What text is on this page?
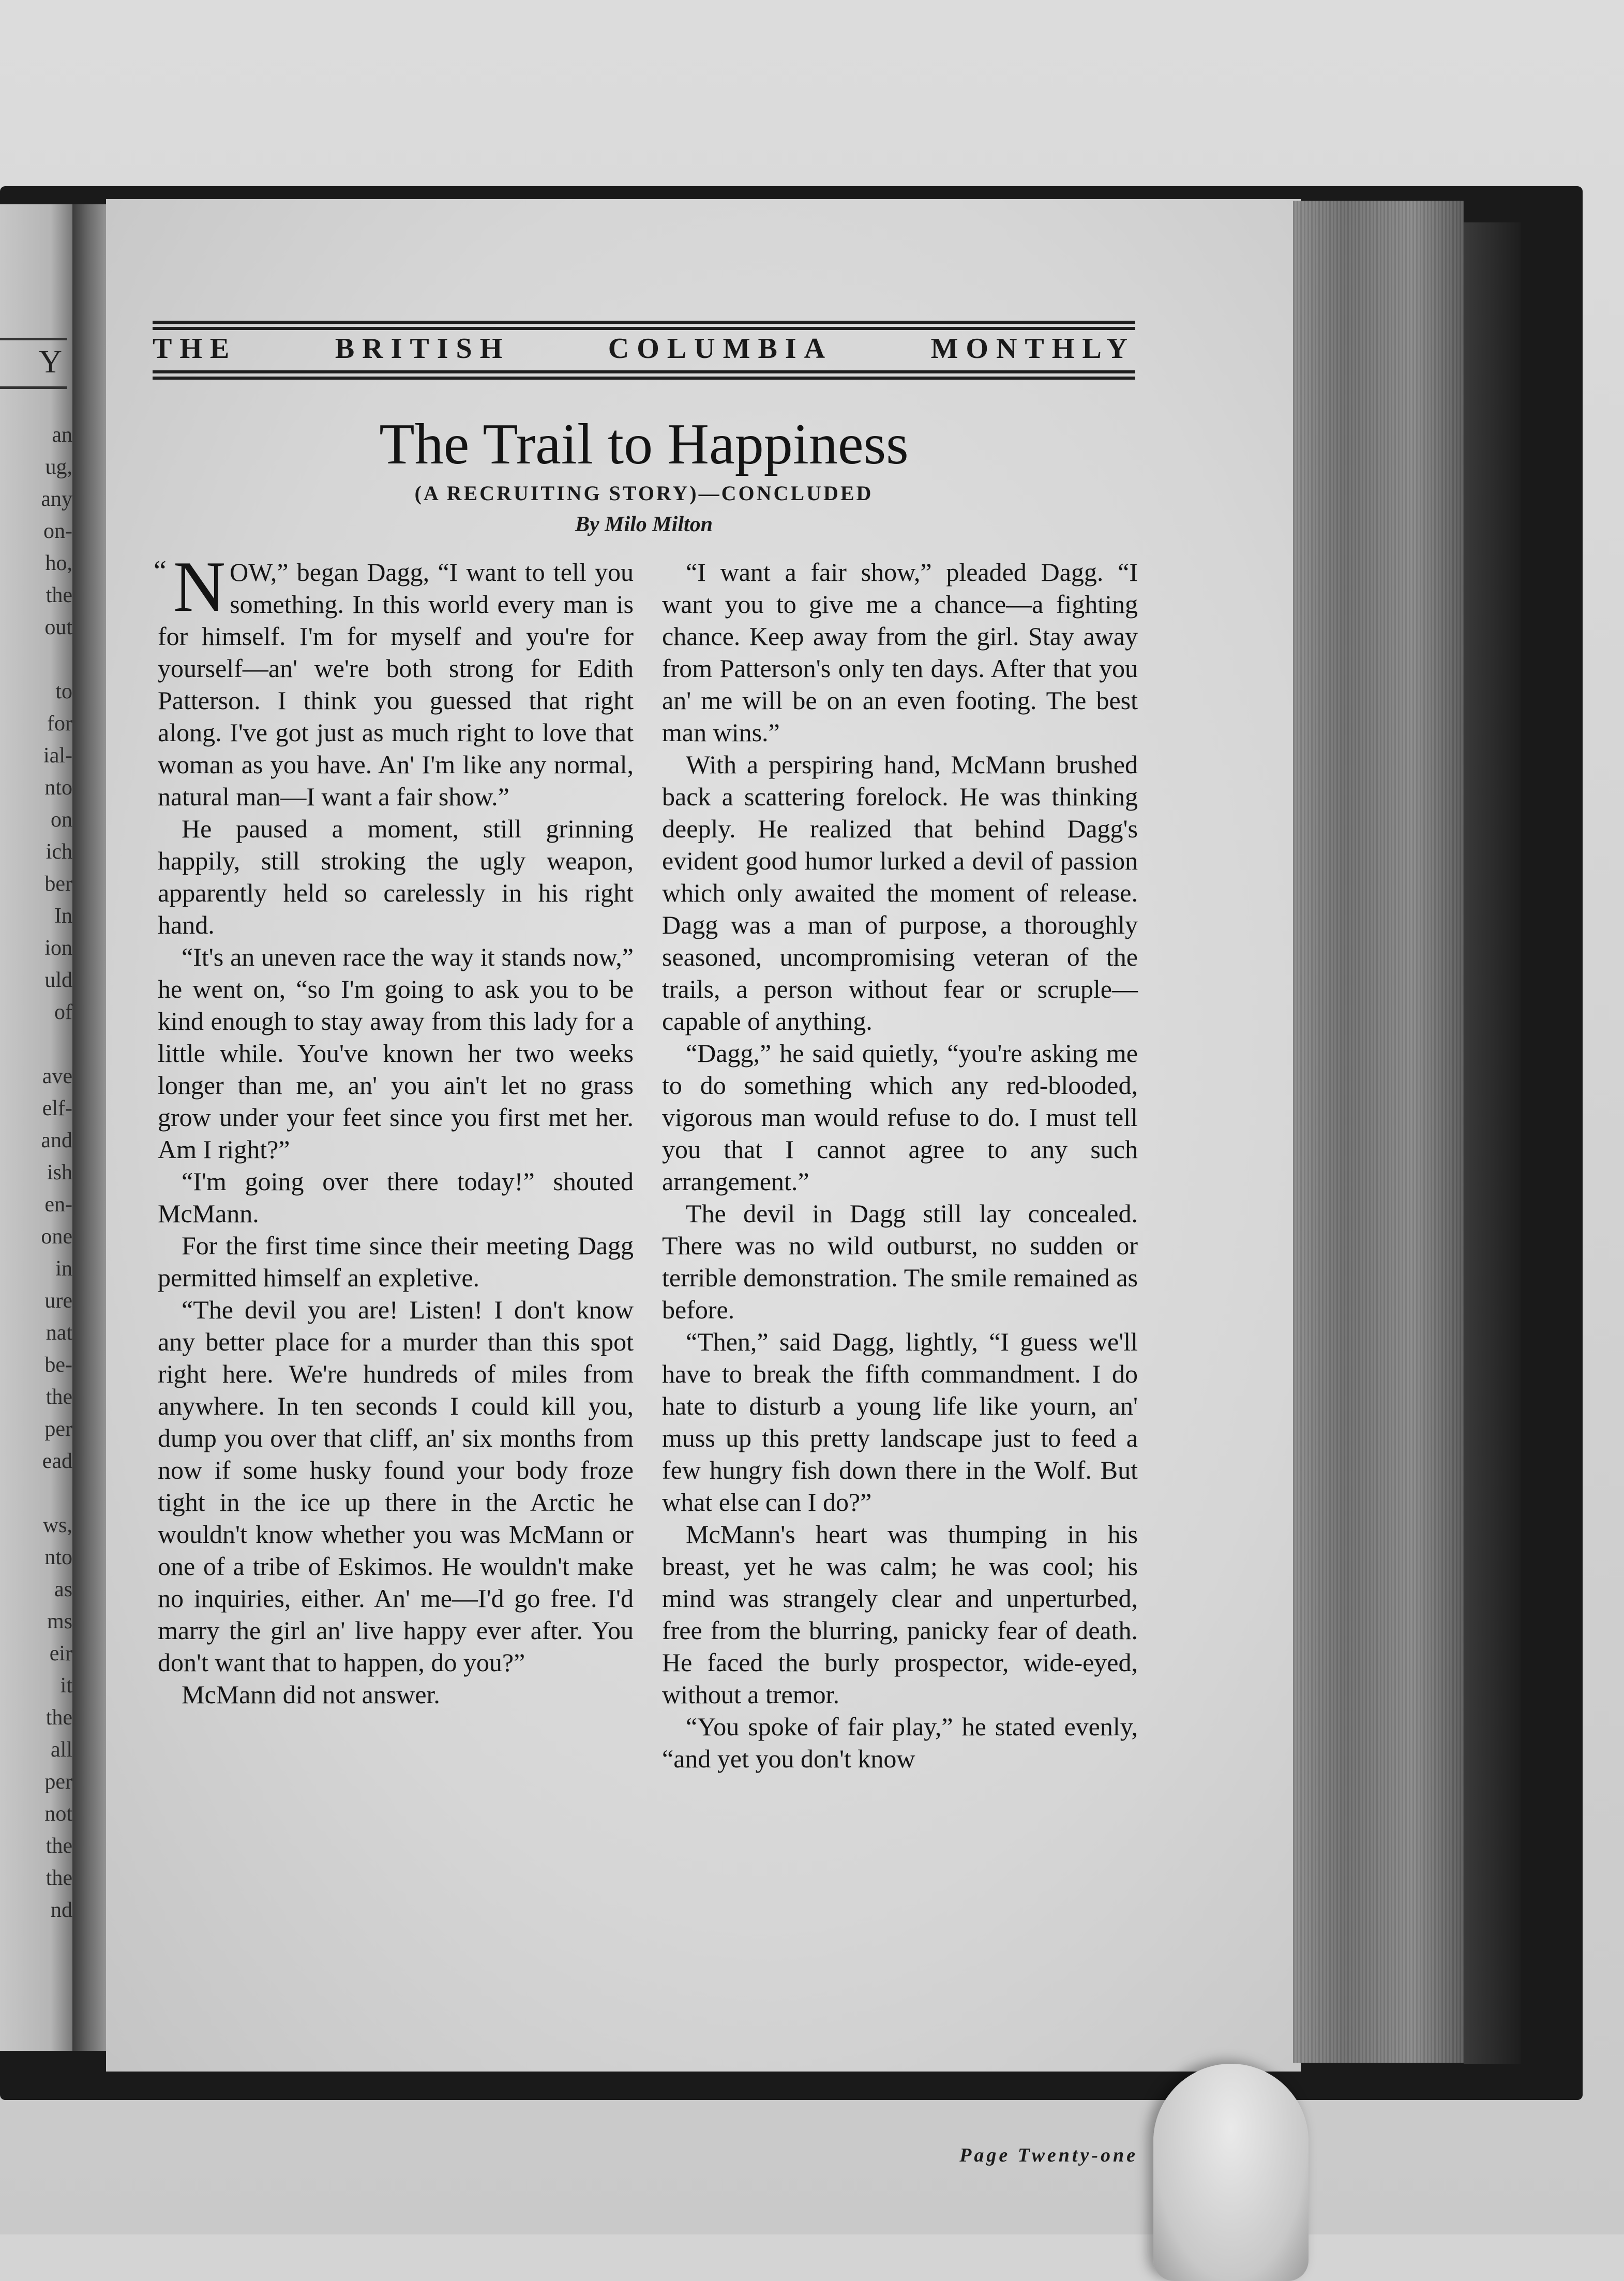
Y
an
ug,
any
on-
ho,
the
out
to
for
ial-
nto
on
ich
ber
In
ion
uld
of
ave
elf-
and
ish
en-
one
in
ure
nat
be-
the
per
ead
ws,
nto
as
ms
eir
it
the
all
per
not
the
the
nd
THE	BRITISH	COLUMBIA	MONTHLY
The Trail to Happiness
(A RECRUITING STORY)—CONCLUDED
By Milo Milton

“ N OW,” began Dagg, “I want to tell you something. In this world every man is for himself. I'm for myself and you're for yourself—an' we're both strong for Edith Patterson. I think you guessed that right along. I've got just as much right to love that woman as you have. An' I'm like any normal, natural man—I want a fair show.”

He paused a moment, still grinning happily, still stroking the ugly weapon, apparently held so carelessly in his right hand.

“It's an uneven race the way it stands now,” he went on, “so I'm going to ask you to be kind enough to stay away from this lady for a little while. You've known her two weeks longer than me, an' you ain't let no grass grow under your feet since you first met her. Am I right?”

“I'm going over there today!” shouted McMann.

For the first time since their meeting Dagg permitted himself an expletive.

“The devil you are! Listen! I don't know any better place for a murder than this spot right here. We're hundreds of miles from anywhere. In ten seconds I could kill you, dump you over that cliff, an' six months from now if some husky found your body froze tight in the ice up there in the Arctic he wouldn't know whether you was McMann or one of a tribe of Eskimos. He wouldn't make no inquiries, either. An' me—I'd go free. I'd marry the girl an' live happy ever after. You don't want that to happen, do you?”

McMann did not answer.

“I want a fair show,” pleaded Dagg. “I want you to give me a chance—a fighting chance. Keep away from the girl. Stay away from Patterson's only ten days. After that you an' me will be on an even footing. The best man wins.”

With a perspiring hand, McMann brushed back a scattering forelock. He was thinking deeply. He realized that behind Dagg's evident good humor lurked a devil of passion which only awaited the moment of release. Dagg was a man of purpose, a thoroughly seasoned, uncompromising veteran of the trails, a person without fear or scruple—capable of anything.

“Dagg,” he said quietly, “you're asking me to do something which any red-blooded, vigorous man would refuse to do. I must tell you that I cannot agree to any such arrangement.”

The devil in Dagg still lay concealed. There was no wild outburst, no sudden or terrible demonstration. The smile remained as before.

“Then,” said Dagg, lightly, “I guess we'll have to break the fifth commandment. I do hate to disturb a young life like yourn, an' muss up this pretty landscape just to feed a few hungry fish down there in the Wolf. But what else can I do?”

McMann's heart was thumping in his breast, yet he was calm; he was cool; his mind was strangely clear and unperturbed, free from the blurring, panicky fear of death. He faced the burly prospector, wide-eyed, without a tremor.

“You spoke of fair play,” he stated evenly, “and yet you don't know

Page Twenty-one
